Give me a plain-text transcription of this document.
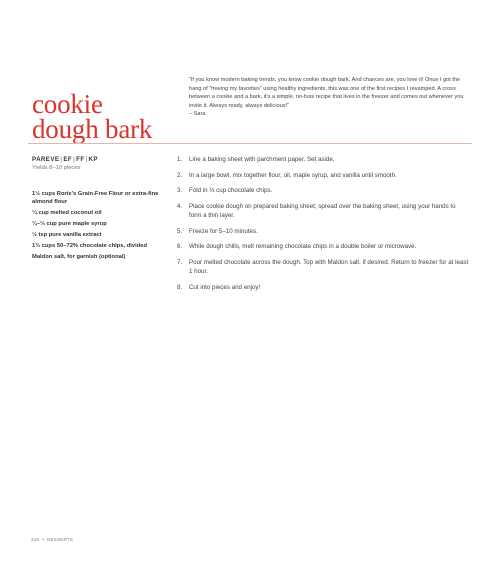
cookie
dough bark

“If you know modern baking trends, you know cookie dough bark. And chances are, you love it! Once I got the hang of “freeing my favorites” using healthy ingredients, this was one of the first recipes I revamped. A cross between a cookie and a bark, it’s a simple, no-fuss recipe that lives in the freezer and comes out whenever you invite it. Always ready, always delicious!”
– Sara

PAREVE|EF|FF|KP
Yields 8–10 pieces
1½ cups Rorie’s Grain-Free Flour or extra-fine almond flour
¼ cup melted coconut oil
¼–⅓ cup pure maple syrup
½ tsp pure vanilla extract
1⅓ cups 50–72% chocolate chips, divided
Maldon salt, for garnish (optional)
1. Line a baking sheet with parchment paper. Set aside.
2. In a large bowl, mix together flour, oil, maple syrup, and vanilla until smooth.
3. Fold in ⅓ cup chocolate chips.
4. Place cookie dough on prepared baking sheet; spread over the baking sheet, using your hands to form a thin layer.
5. Freeze for 5–10 minutes.
6. While dough chills, melt remaining chocolate chips in a double boiler or microwave.
7. Pour melted chocolate across the dough. Top with Maldon salt, if desired. Return to freezer for at least 1 hour.
8. Cut into pieces and enjoy!
316 • DESSERTS
